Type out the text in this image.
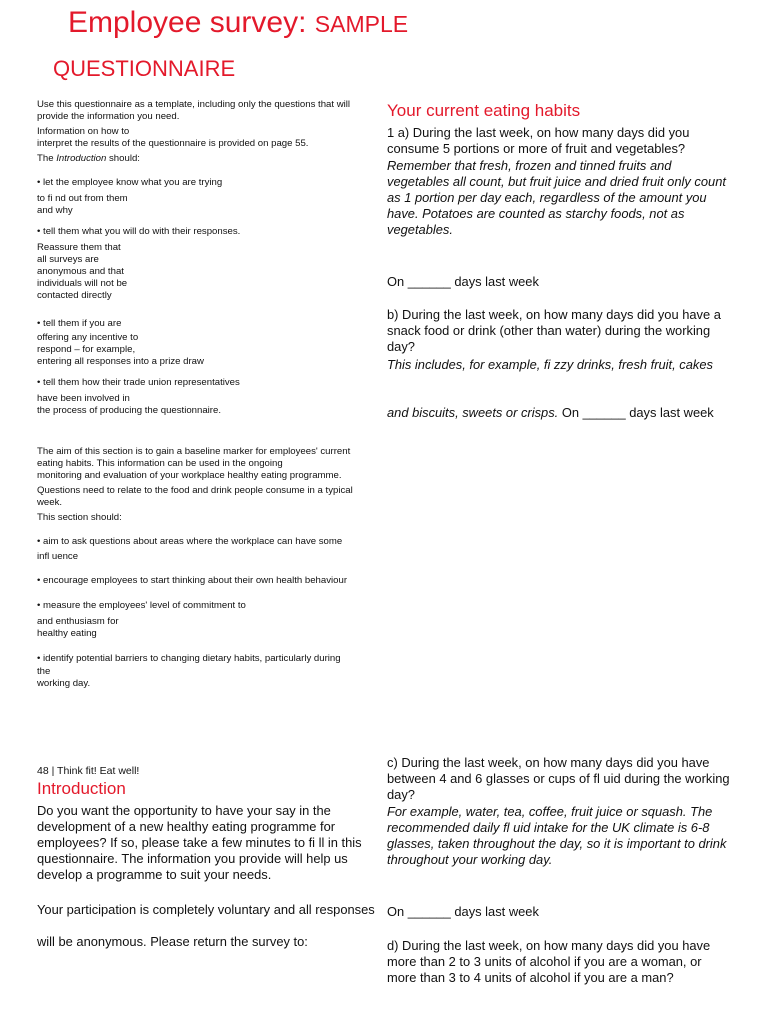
Employee survey: SAMPLE
QUESTIONNAIRE
Use this questionnaire as a template, including only the questions that will
provide the information you need.
Information on how to
interpret the results of the questionnaire is provided on page 55.
The Introduction should:
• let the employee know what you are trying
to fi nd out from them
and why
• tell them what you will do with their responses.
Reassure them that
all surveys are
anonymous and that
individuals will not be
contacted directly
• tell them if you are
offering any incentive to
respond – for example,
entering all responses into a prize draw
• tell them how their trade union representatives
have been involved in
the process of producing the questionnaire.
The aim of this section is to gain a baseline marker for employees' current
eating habits. This information can be used in the ongoing
monitoring and evaluation of your workplace healthy eating programme.
Questions need to relate to the food and drink people consume in a typical
week.
This section should:
• aim to ask questions about areas where the workplace can have some
infl uence
• encourage employees to start thinking about their own health behaviour
• measure the employees' level of commitment to
and enthusiasm for
healthy eating
• identify potential barriers to changing dietary habits, particularly during
the
working day.
48 | Think fit! Eat well!
Introduction
Do you want the opportunity to have your say in the
development of a new healthy eating programme for
employees? If so, please take a few minutes to fi ll in this
questionnaire. The information you provide will help us
develop a programme to suit your needs.
Your participation is completely voluntary and all responses
will be anonymous. Please return the survey to:
Your current eating habits
1 a) During the last week, on how many days did you
consume 5 portions or more of fruit and vegetables?
Remember that fresh, frozen and tinned fruits and
vegetables all count, but fruit juice and dried fruit only count
as 1 portion per day each, regardless of the amount you
have. Potatoes are counted as starchy foods, not as
vegetables.
On ______ days last week
b) During the last week, on how many days did you have a
snack food or drink (other than water) during the working
day?
This includes, for example, fi zzy drinks, fresh fruit, cakes
and biscuits, sweets or crisps. On ______ days last week
c) During the last week, on how many days did you have
between 4 and 6 glasses or cups of fl uid during the working
day?
For example, water, tea, coffee, fruit juice or squash. The
recommended daily fl uid intake for the UK climate is 6-8
glasses, taken throughout the day, so it is important to drink
throughout your working day.
On ______ days last week
d) During the last week, on how many days did you have
more than 2 to 3 units of alcohol if you are a woman, or
more than 3 to 4 units of alcohol if you are a man?
